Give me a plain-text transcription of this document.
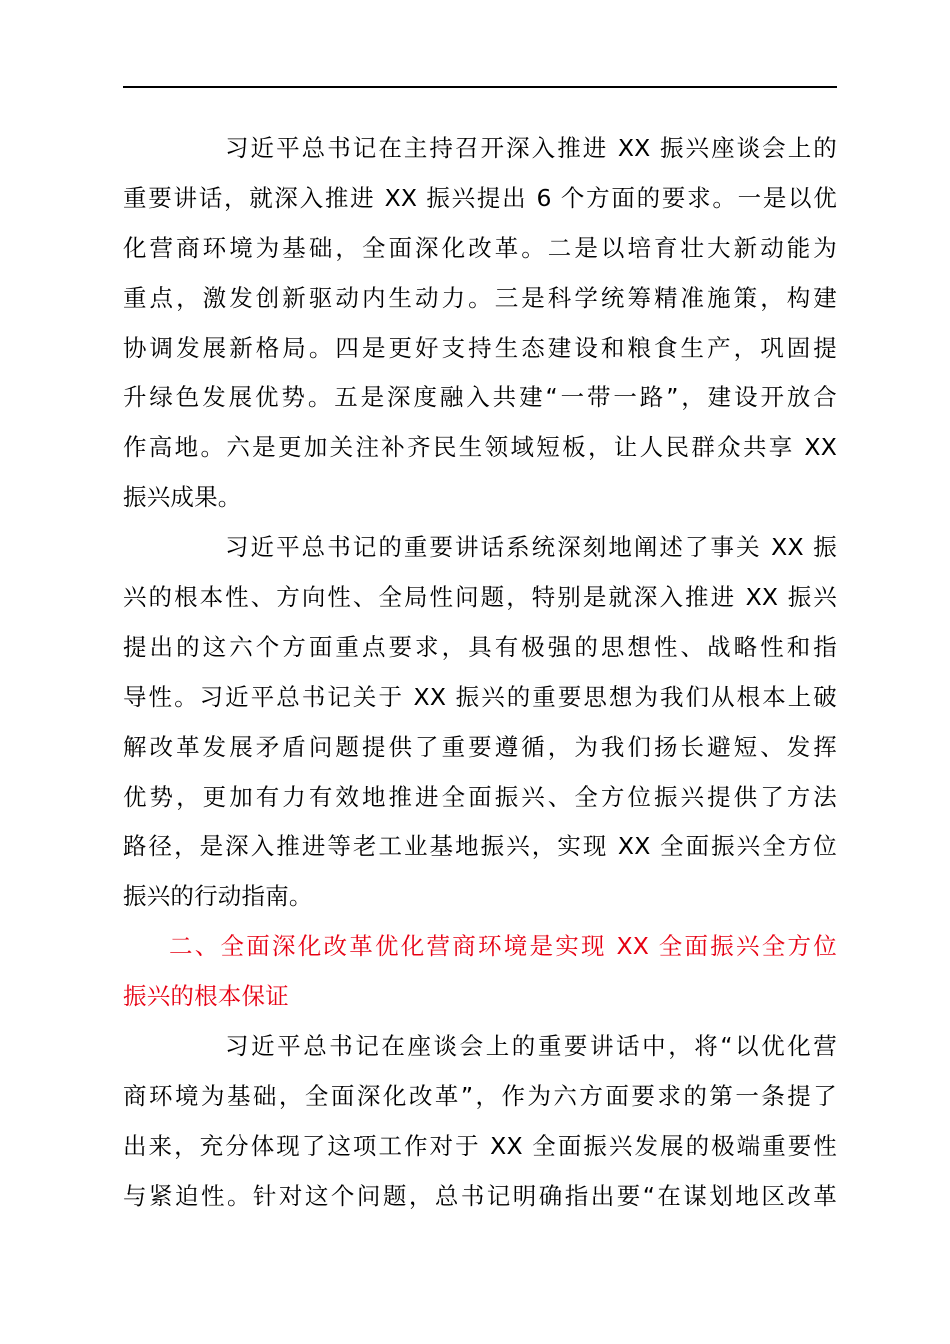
习近平总书记在主持召开深入推进 XX 振兴座谈会上的
重要讲话，就深入推进 XX 振兴提出 6 个方面的要求。一是以优
化营商环境为基础，全面深化改革。二是以培育壮大新动能为
重点，激发创新驱动内生动力。三是科学统筹精准施策，构建
协调发展新格局。四是更好支持生态建设和粮食生产，巩固提
升绿色发展优势。五是深度融入共建“一带一路”，建设开放合
作高地。六是更加关注补齐民生领域短板，让人民群众共享 XX
振兴成果。
习近平总书记的重要讲话系统深刻地阐述了事关 XX 振
兴的根本性、方向性、全局性问题，特别是就深入推进 XX 振兴
提出的这六个方面重点要求，具有极强的思想性、战略性和指
导性。习近平总书记关于 XX 振兴的重要思想为我们从根本上破
解改革发展矛盾问题提供了重要遵循，为我们扬长避短、发挥
优势，更加有力有效地推进全面振兴、全方位振兴提供了方法
路径，是深入推进等老工业基地振兴，实现 XX 全面振兴全方位
振兴的行动指南。
二、全面深化改革优化营商环境是实现 XX 全面振兴全方位
振兴的根本保证
习近平总书记在座谈会上的重要讲话中，将“以优化营
商环境为基础，全面深化改革”，作为六方面要求的第一条提了
出来，充分体现了这项工作对于 XX 全面振兴发展的极端重要性
与紧迫性。针对这个问题，总书记明确指出要“在谋划地区改革
